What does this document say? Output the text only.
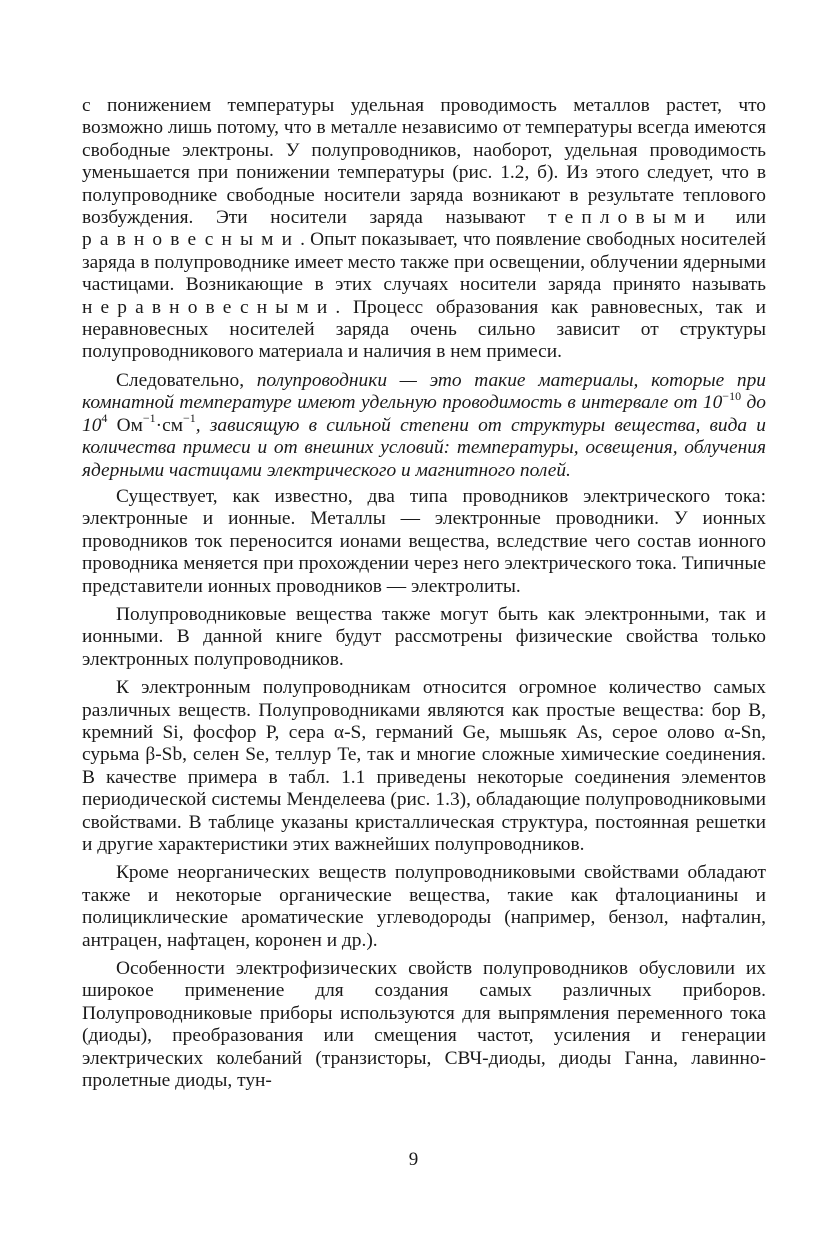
с понижением температуры удельная проводимость металлов растет, что возможно лишь потому, что в металле независимо от температуры всегда имеются свободные электроны. У полупроводников, наоборот, удельная проводимость уменьшается при понижении температуры (рис. 1.2, б). Из этого следует, что в полупроводнике свободные носители заряда возникают в результате теплового возбуждения. Эти носители заряда называют тепловыми или равновесными. Опыт показывает, что появление свободных носителей заряда в полупроводнике имеет место также при освещении, облучении ядерными частицами. Возникающие в этих случаях носители заряда принято называть неравновесными. Процесс образования как равновесных, так и неравновесных носителей заряда очень сильно зависит от структуры полупроводникового материала и наличия в нем примеси.

Следовательно, полупроводники — это такие материалы, которые при комнатной температуре имеют удельную проводимость в интервале от $10^{-10}$ до $10^4$ $Ом^{-1}\cdot см^{-1}$, зависящую в сильной степени от структуры вещества, вида и количества примеси и от внешних условий: температуры, освещения, облучения ядерными частицами электрического и магнитного полей.

Существует, как известно, два типа проводников электрического тока: электронные и ионные. Металлы — электронные проводники. У ионных проводников ток переносится ионами вещества, вследствие чего состав ионного проводника меняется при прохождении через него электрического тока. Типичные представители ионных проводников — электролиты.

Полупроводниковые вещества также могут быть как электронными, так и ионными. В данной книге будут рассмотрены физические свойства только электронных полупроводников.

К электронным полупроводникам относится огромное количество самых различных веществ. Полупроводниками являются как простые вещества: бор B, кремний Si, фосфор P, сера α-S, германий Ge, мышьяк As, серое олово α-Sn, сурьма β-Sb, селен Se, теллур Te, так и многие сложные химические соединения. В качестве примера в табл. 1.1 приведены некоторые соединения элементов периодической системы Менделеева (рис. 1.3), обладающие полупроводниковыми свойствами. В таблице указаны кристаллическая структура, постоянная решетки и другие характеристики этих важнейших полупроводников.

Кроме неорганических веществ полупроводниковыми свойствами обладают также и некоторые органические вещества, такие как фталоцианины и полициклические ароматические углеводороды (например, бензол, нафталин, антрацен, нафтацен, коронен и др.).

Особенности электрофизических свойств полупроводников обусловили их широкое применение для создания самых различных приборов. Полупроводниковые приборы используются для выпрямления переменного тока (диоды), преобразования или смещения частот, усиления и генерации электрических колебаний (транзисторы, СВЧ-диоды, диоды Ганна, лавинно-пролетные диоды, тун-

9
